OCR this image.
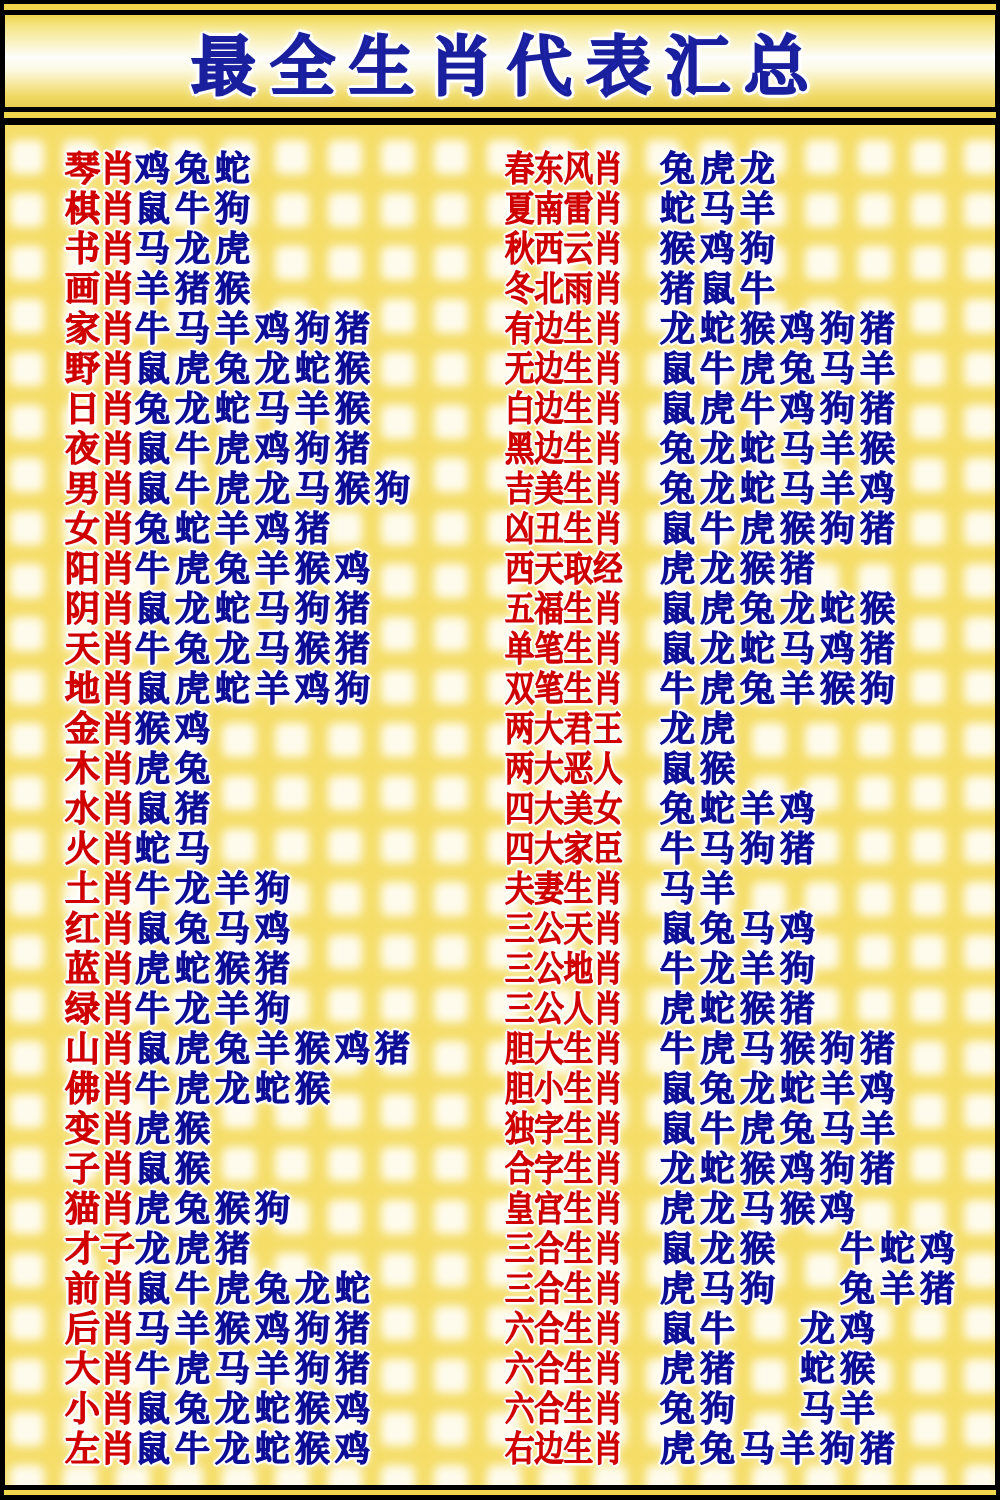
最全生肖代表汇总
琴肖 鸡 兔 蛇
棋肖 鼠 牛 狗
书肖 马 龙 虎
画肖 羊 猪 猴
家肖 牛 马 羊 鸡 狗 猪
野肖 鼠 虎 兔 龙 蛇 猴
日肖 兔 龙 蛇 马 羊 猴
夜肖 鼠 牛 虎 鸡 狗 猪
男肖 鼠 牛 虎 龙 马 猴 狗
女肖 兔 蛇 羊 鸡 猪
阳肖 牛 虎 兔 羊 猴 鸡
阴肖 鼠 龙 蛇 马 狗 猪
天肖 牛 兔 龙 马 猴 猪
地肖 鼠 虎 蛇 羊 鸡 狗
金肖 猴 鸡
木肖 虎 兔
水肖 鼠 猪
火肖 蛇 马
土肖 牛 龙 羊 狗
红肖 鼠 兔 马 鸡
蓝肖 虎 蛇 猴 猪
绿肖 牛 龙 羊 狗
山肖 鼠 虎 兔 羊 猴 鸡 猪
佛肖 牛 虎 龙 蛇 猴
变肖 虎 猴
子肖 鼠 猴
猫肖 虎 兔 猴 狗
才子 龙 虎 猪
前肖 鼠 牛 虎 兔 龙 蛇
后肖 马 羊 猴 鸡 狗 猪
大肖 牛 虎 马 羊 狗 猪
小肖 鼠 兔 龙 蛇 猴 鸡
左肖 鼠 牛 龙 蛇 猴 鸡
春东风肖	兔 虎 龙
夏南雷肖	蛇 马 羊
秋西云肖	猴 鸡 狗
冬北雨肖	猪 鼠 牛
有边生肖	龙 蛇 猴 鸡 狗 猪
无边生肖	鼠 牛 虎 兔 马 羊
白边生肖	鼠 虎 牛 鸡 狗 猪
黑边生肖	兔 龙 蛇 马 羊 猴
吉美生肖	兔 龙 蛇 马 羊 鸡
凶丑生肖	鼠 牛 虎 猴 狗 猪
西天取经	虎 龙 猴 猪
五福生肖	鼠 虎 兔 龙 蛇 猴
单笔生肖	鼠 龙 蛇 马 鸡 猪
双笔生肖	牛 虎 兔 羊 猴 狗
两大君王	龙 虎
两大恶人	鼠 猴
四大美女	兔 蛇 羊 鸡
四大家臣	牛 马 狗 猪
夫妻生肖	马 羊
三公天肖	鼠 兔 马 鸡
三公地肖	牛 龙 羊 狗
三公人肖	虎 蛇 猴 猪
胆大生肖	牛 虎 马 猴 狗 猪
胆小生肖	鼠 兔 龙 蛇 羊 鸡
独字生肖	鼠 牛 虎 兔 马 羊
合字生肖	龙 蛇 猴 鸡 狗 猪
皇宫生肖	虎 龙 马 猴 鸡
三合生肖	鼠 龙 猴 牛 蛇 鸡
三合生肖	虎 马 狗 兔 羊 猪
六合生肖	鼠 牛 龙 鸡
六合生肖	虎 猪 蛇 猴
六合生肖	兔 狗 马 羊
右边生肖	虎 兔 马 羊 狗 猪
